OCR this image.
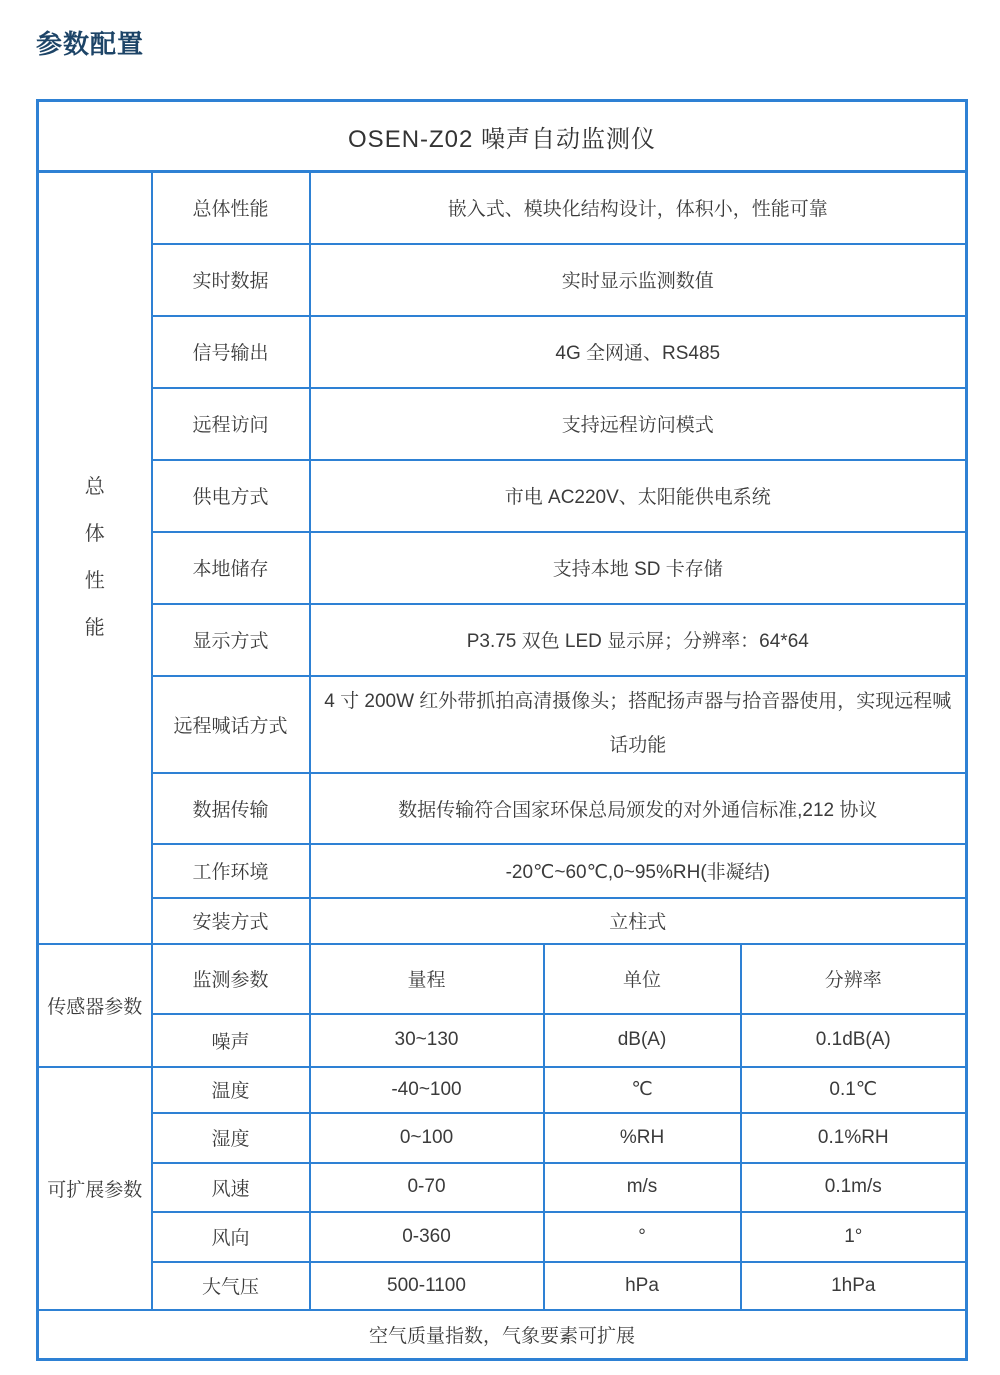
参数配置
OSEN-Z02 噪声自动监测仪				

总
体
性
能	总体性能	嵌入式、模块化结构设计，体积小，性能可靠		
	实时数据	实时显示监测数值		
	信号输出	4G 全网通、RS485		
	远程访问	支持远程访问模式		
	供电方式	市电 AC220V、太阳能供电系统		
	本地储存	支持本地 SD 卡存储		
	显示方式	P3.75 双色 LED 显示屏；分辨率：64*64		
	远程喊话方式	4 寸 200W 红外带抓拍高清摄像头；搭配扬声器与拾音器使用，实现远程喊话功能		
	数据传输	数据传输符合国家环保总局颁发的对外通信标准,212 协议		
	工作环境	-20℃~60℃,0~95%RH(非凝结)		
	安装方式	立柱式		
传感器参数	监测参数	量程	单位	分辨率
	噪声	30~130	dB(A)	0.1dB(A)
可扩展参数	温度	-40~100	℃	0.1℃
	湿度	0~100	%RH	0.1%RH
	风速	0-70	m/s	0.1m/s
	风向	0-360	°	1°
	大气压	500-1100	hPa	1hPa
空气质量指数，气象要素可扩展				
